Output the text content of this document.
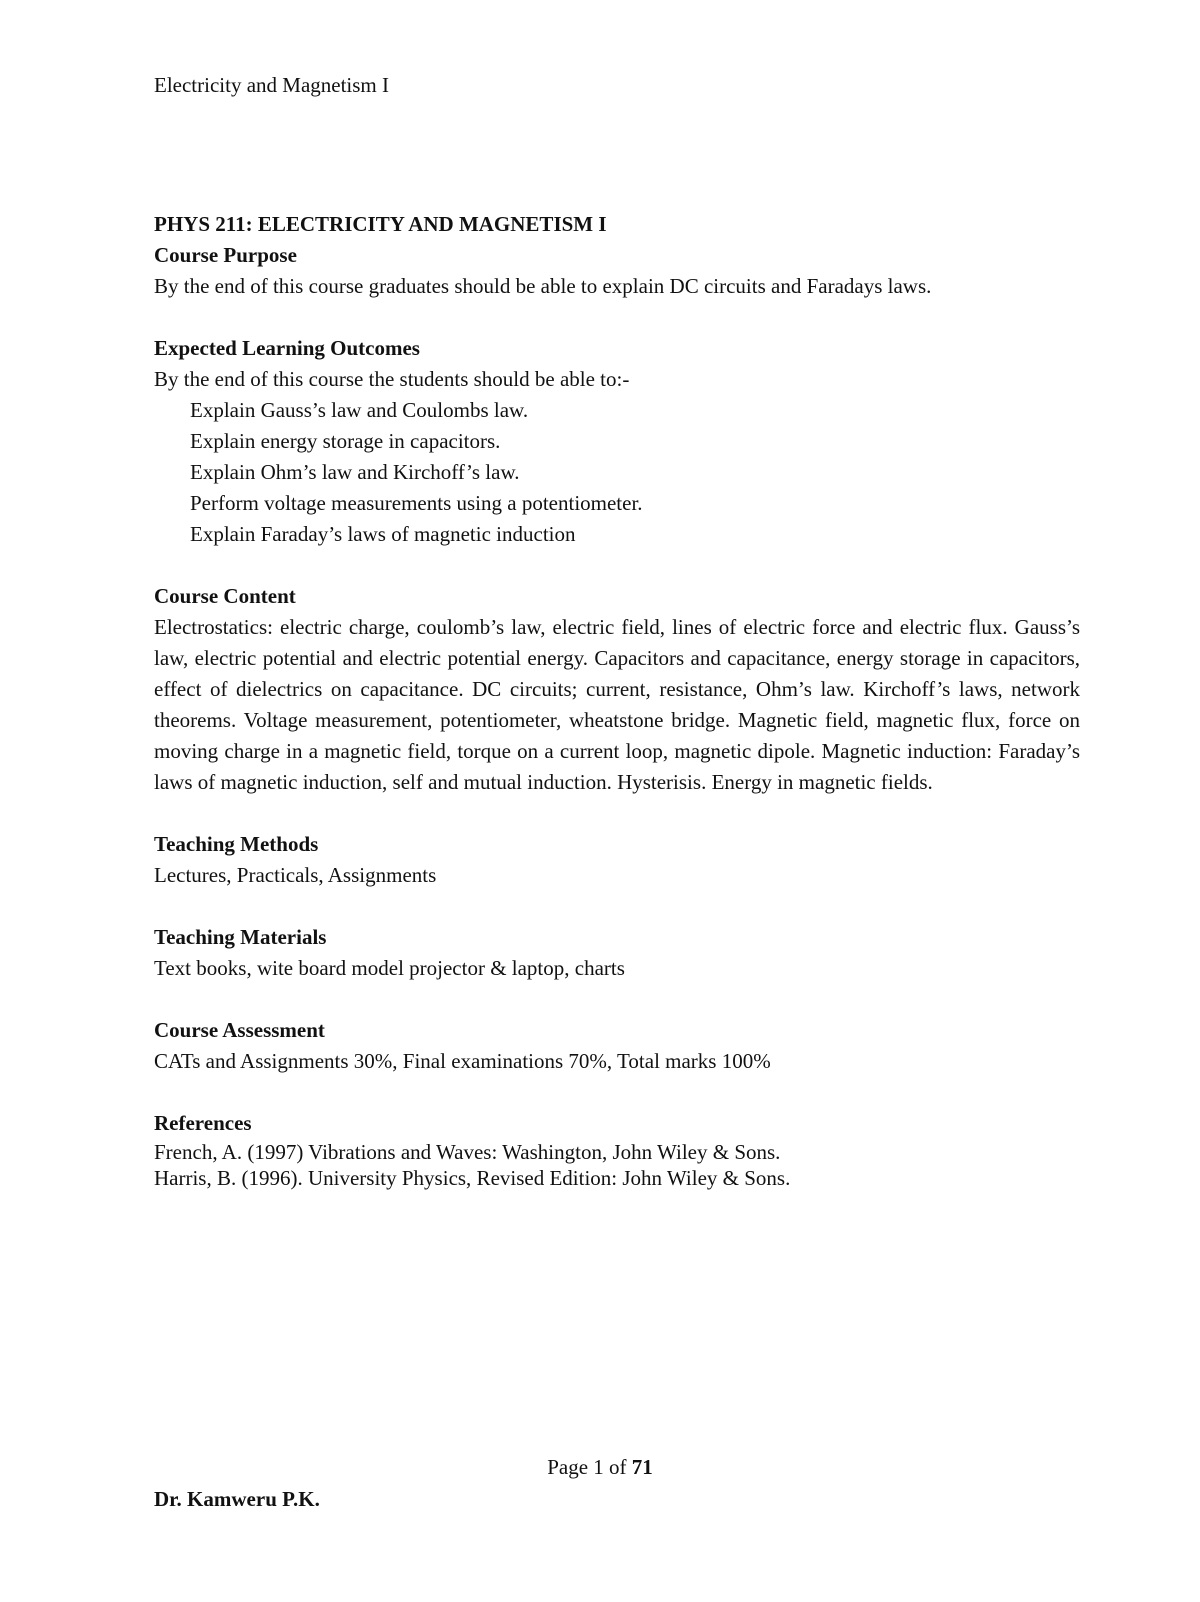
Electricity and Magnetism I

PHYS 211: ELECTRICITY AND MAGNETISM I

Course Purpose

By the end of this course graduates should be able to explain DC circuits and Faradays laws.

Expected Learning Outcomes

By the end of this course the students should be able to:-

Explain Gauss’s law and Coulombs law.
Explain energy storage in capacitors.
Explain Ohm’s law and Kirchoff’s law.
Perform voltage measurements using a potentiometer.
Explain Faraday’s laws of magnetic induction

Course Content

Electrostatics: electric charge, coulomb’s law, electric field, lines of electric force and electric flux. Gauss’s law, electric potential and electric potential energy. Capacitors and capacitance, energy storage in capacitors, effect of dielectrics on capacitance. DC circuits; current, resistance, Ohm’s law. Kirchoff’s laws, network theorems. Voltage measurement, potentiometer, wheatstone bridge. Magnetic field, magnetic flux, force on moving charge in a magnetic field, torque on a current loop, magnetic dipole. Magnetic induction: Faraday’s laws of magnetic induction, self and mutual induction. Hysterisis. Energy in magnetic fields.

Teaching Methods

Lectures, Practicals, Assignments

Teaching Materials

Text books, wite board model projector & laptop, charts

Course Assessment

CATs and Assignments 30%, Final examinations 70%, Total marks 100%

References

French, A. (1997) Vibrations and Waves: Washington, John Wiley & Sons.

Harris, B. (1996). University Physics, Revised Edition: John Wiley & Sons.

Page 1 of 71
Dr. Kamweru P.K.
